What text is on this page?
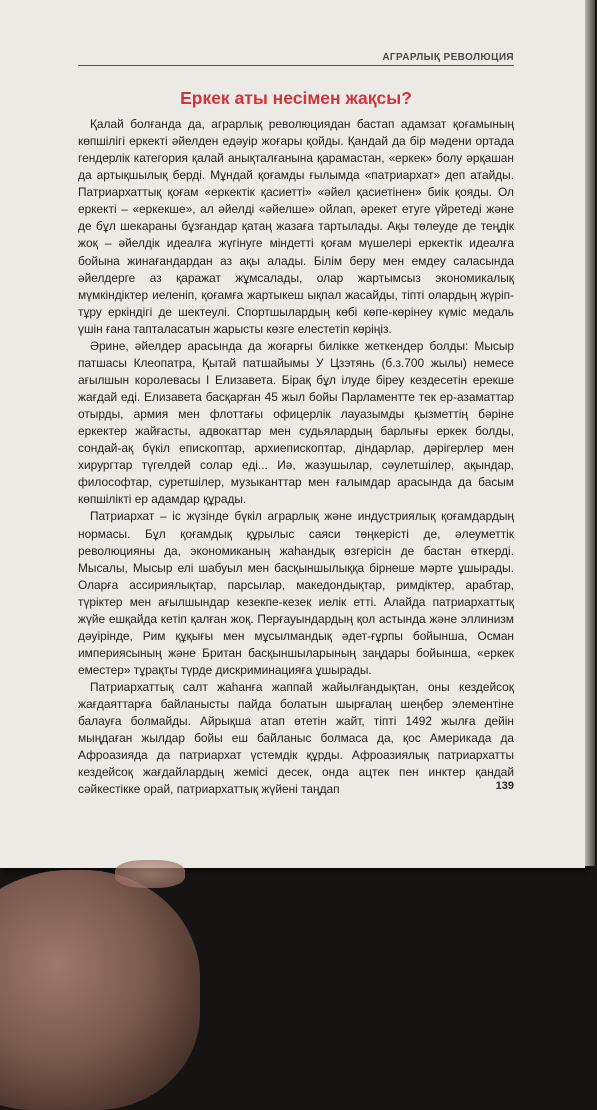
АГРАРЛЫҚ РЕВОЛЮЦИЯ
Еркек аты несімен жақсы?

Қалай болғанда да, аграрлық революциядан бастап адамзат қоғамының көпшілігі еркекті әйелден едәуір жоғары қойды. Қандай да бір мәдени ортада гендерлік категория қалай анықталғанына қарамастан, «еркек» болу әрқашан да артықшылық берді. Мұндай қоғамды ғылымда «патриархат» деп атайды. Патриархаттық қоғам «еркектік қасиетті» «әйел қасиетінен» биік қояды. Ол еркекті – «еркекше», ал әйелді «әйелше» ойлап, әрекет етуге үйретеді және де бұл шекараны бұзғандар қатаң жазаға тартылады. Ақы төлеуде де теңдік жоқ – әйелдік идеалға жүгінуге міндетті қоғам мүшелері еркектік идеалға бойына жинағандардан аз ақы алады. Білім беру мен емдеу саласында әйелдерге аз қаражат жұмсалады, олар жартымсыз экономикалық мүмкіндіктер иеленіп, қоғамға жартыкеш ықпал жасайды, тіпті олардың жүріп-тұру еркіндігі де шектеулі. Спортшылардың көбі көпе-көрінеу күміс медаль үшін ғана тапталасатын жарысты көзге елестетіп көріңіз.

Әрине, әйелдер арасында да жоғарғы билікке жеткендер болды: Мысыр патшасы Клеопатра, Қытай патшайымы У Цзэтянь (б.з.700 жылы) немесе ағылшын королевасы I Елизавета. Бірақ бұл ілуде біреу кездесетін ерекше жағдай еді. Елизавета басқарған 45 жыл бойы Парламентте тек ер-азаматтар отырды, армия мен флоттағы офицерлік лауазымды қызметтің бәріне еркектер жайғасты, адвокаттар мен судьялардың барлығы еркек болды, сондай-ақ бүкіл епископтар, архиепископтар, діндарлар, дәрігерлер мен хирургтар түгелдей солар еді... Иә, жазушылар, сәулетшілер, ақындар, философтар, суретшілер, музыканттар мен ғалымдар арасында да басым көпшілікті ер адамдар құрады.

Патриархат – іс жүзінде бүкіл аграрлық және индустриялық қоғамдардың нормасы. Бұл қоғамдық құрылыс саяси төңкерісті де, әлеуметтік революцияны да, экономиканың жаһандық өзгерісін де бастан өткерді. Мысалы, Мысыр елі шабуыл мен басқыншылыққа бірнеше мәрте ұшырады. Оларға ассириялықтар, парсылар, македондықтар, римдіктер, арабтар, түріктер мен ағылшындар кезекпе-кезек иелік етті. Алайда патриархаттық жүйе ешқайда кетіп қалған жоқ. Перғауындардың қол астында және эллинизм дәуірінде, Рим құқығы мен мұсылмандық әдет-ғұрпы бойынша, Осман империясының және Британ басқыншыларының заңдары бойынша, «еркек еместер» тұрақты түрде дискриминацияға ұшырады.

Патриархаттық салт жаһанға жаппай жайылғандықтан, оны кездейсоқ жағдаяттарға байланысты пайда болатын шырғалаң шеңбер элементіне балауға болмайды. Айрықша атап өтетін жайт, тіпті 1492 жылға дейін мыңдаған жылдар бойы еш байланыс болмаса да, қос Америкада да Афроазияда да патриархат үстемдік құрды. Афроазиялық патриархатты кездейсоқ жағдайлардың жемісі десек, онда ацтек пен инктер қандай сәйкестікке орай, патриархаттық жүйені таңдап	139
